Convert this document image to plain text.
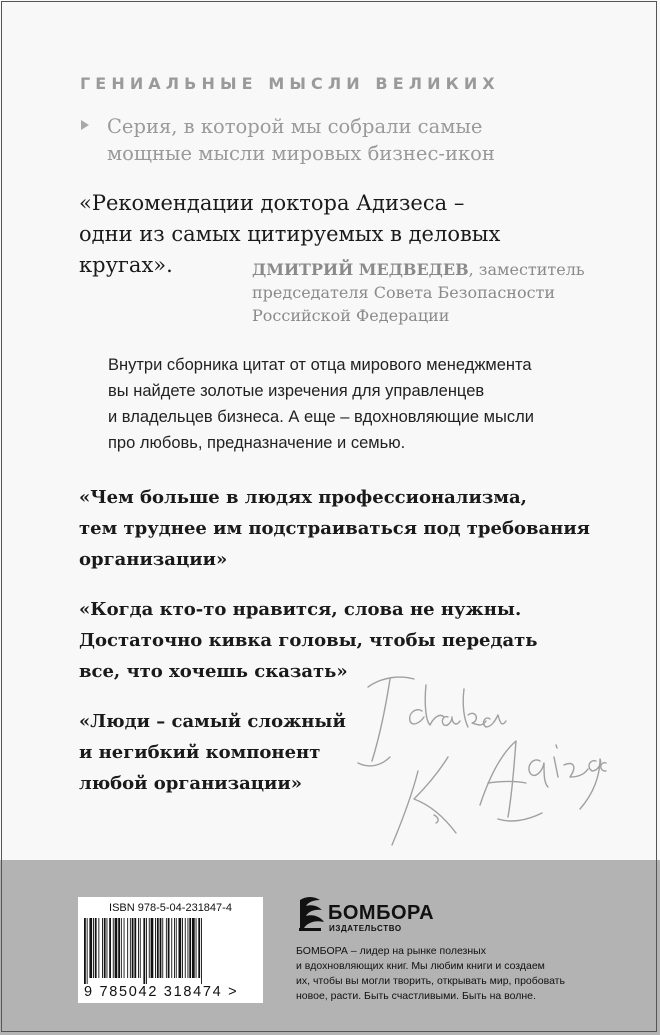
ГЕНИАЛЬНЫЕ МЫСЛИ ВЕЛИКИХ
Серия, в которой мы собрали самые
мощные мысли мировых бизнес-икон
«Рекомендации доктора Адизеса –
одни из самых цитируемых в деловых
кругах».	ДМИТРИЙ МЕДВЕДЕВ, заместитель
председателя Совета Безопасности
Российской Федерации
Внутри сборника цитат от отца мирового менеджмента
вы найдете золотые изречения для управленцев
и владельцев бизнеса. А еще – вдохновляющие мысли
про любовь, предназначение и семью.
«Чем больше в людях профессионализма,
тем труднее им подстраиваться под требования
организации»
«Когда кто-то нравится, слова не нужны.
Достаточно кивка головы, чтобы передать
все, что хочешь сказать»
«Люди – самый сложный
и негибкий компонент
любой организации»
ISBN 978-5-04-231847-4
9 785042 318474 >
БОМБОРА
ИЗДАТЕЛЬСТВО
БОМБОРА – лидер на рынке полезных
и вдохновляющих книг. Мы любим книги и создаем
их, чтобы вы могли творить, открывать мир, пробовать
новое, расти. Быть счастливыми. Быть на волне.
